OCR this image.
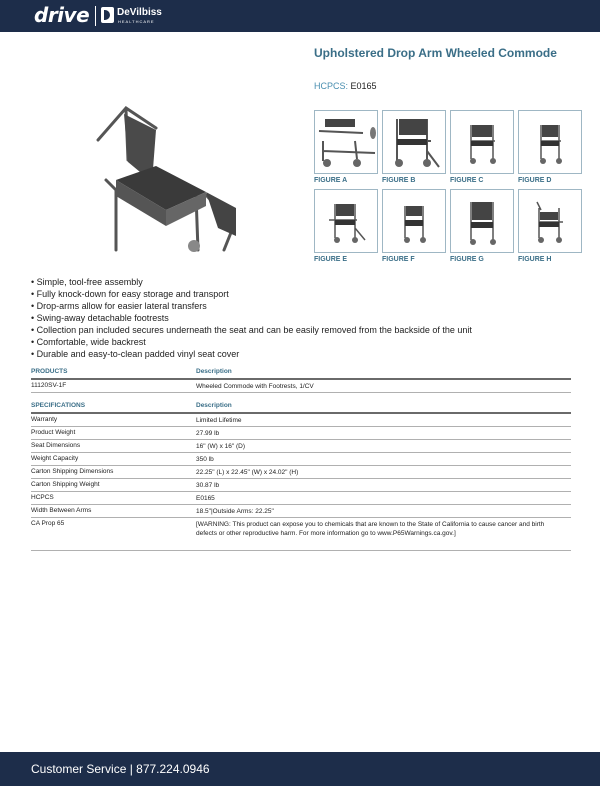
drive	DeVilbiss
HEALTHCARE
Upholstered Drop Arm Wheeled Commode
HCPCS: E0165
FIGURE A	FIGURE B	FIGURE C	FIGURE D
FIGURE E	FIGURE F	FIGURE G	FIGURE H
• Simple, tool-free assembly
• Fully knock-down for easy storage and transport
• Drop-arms allow for easier lateral transfers
• Swing-away detachable footrests
• Collection pan included secures underneath the seat and can be easily removed from the backside of the unit
• Comfortable, wide backrest
• Durable and easy-to-clean padded vinyl seat cover
PRODUCTS	Description
11120SV-1F	Wheeled Commode with Footrests, 1/CV
SPECIFICATIONS	Description
Warranty	Limited Lifetime
Product Weight	27.99 lb
Seat Dimensions	16" (W) x 16" (D)
Weight Capacity	350 lb
Carton Shipping Dimensions	22.25" (L) x 22.45" (W) x 24.02" (H)
Carton Shipping Weight	30.87 lb
HCPCS	E0165
Width Between Arms	18.5"|Outside Arms: 22.25"
CA Prop 65	[WARNING: This product can expose you to chemicals that are known to the State of California to cause cancer and birth defects or other reproductive harm. For more information go to www.P65Warnings.ca.gov.]
Customer Service | 877.224.0946
